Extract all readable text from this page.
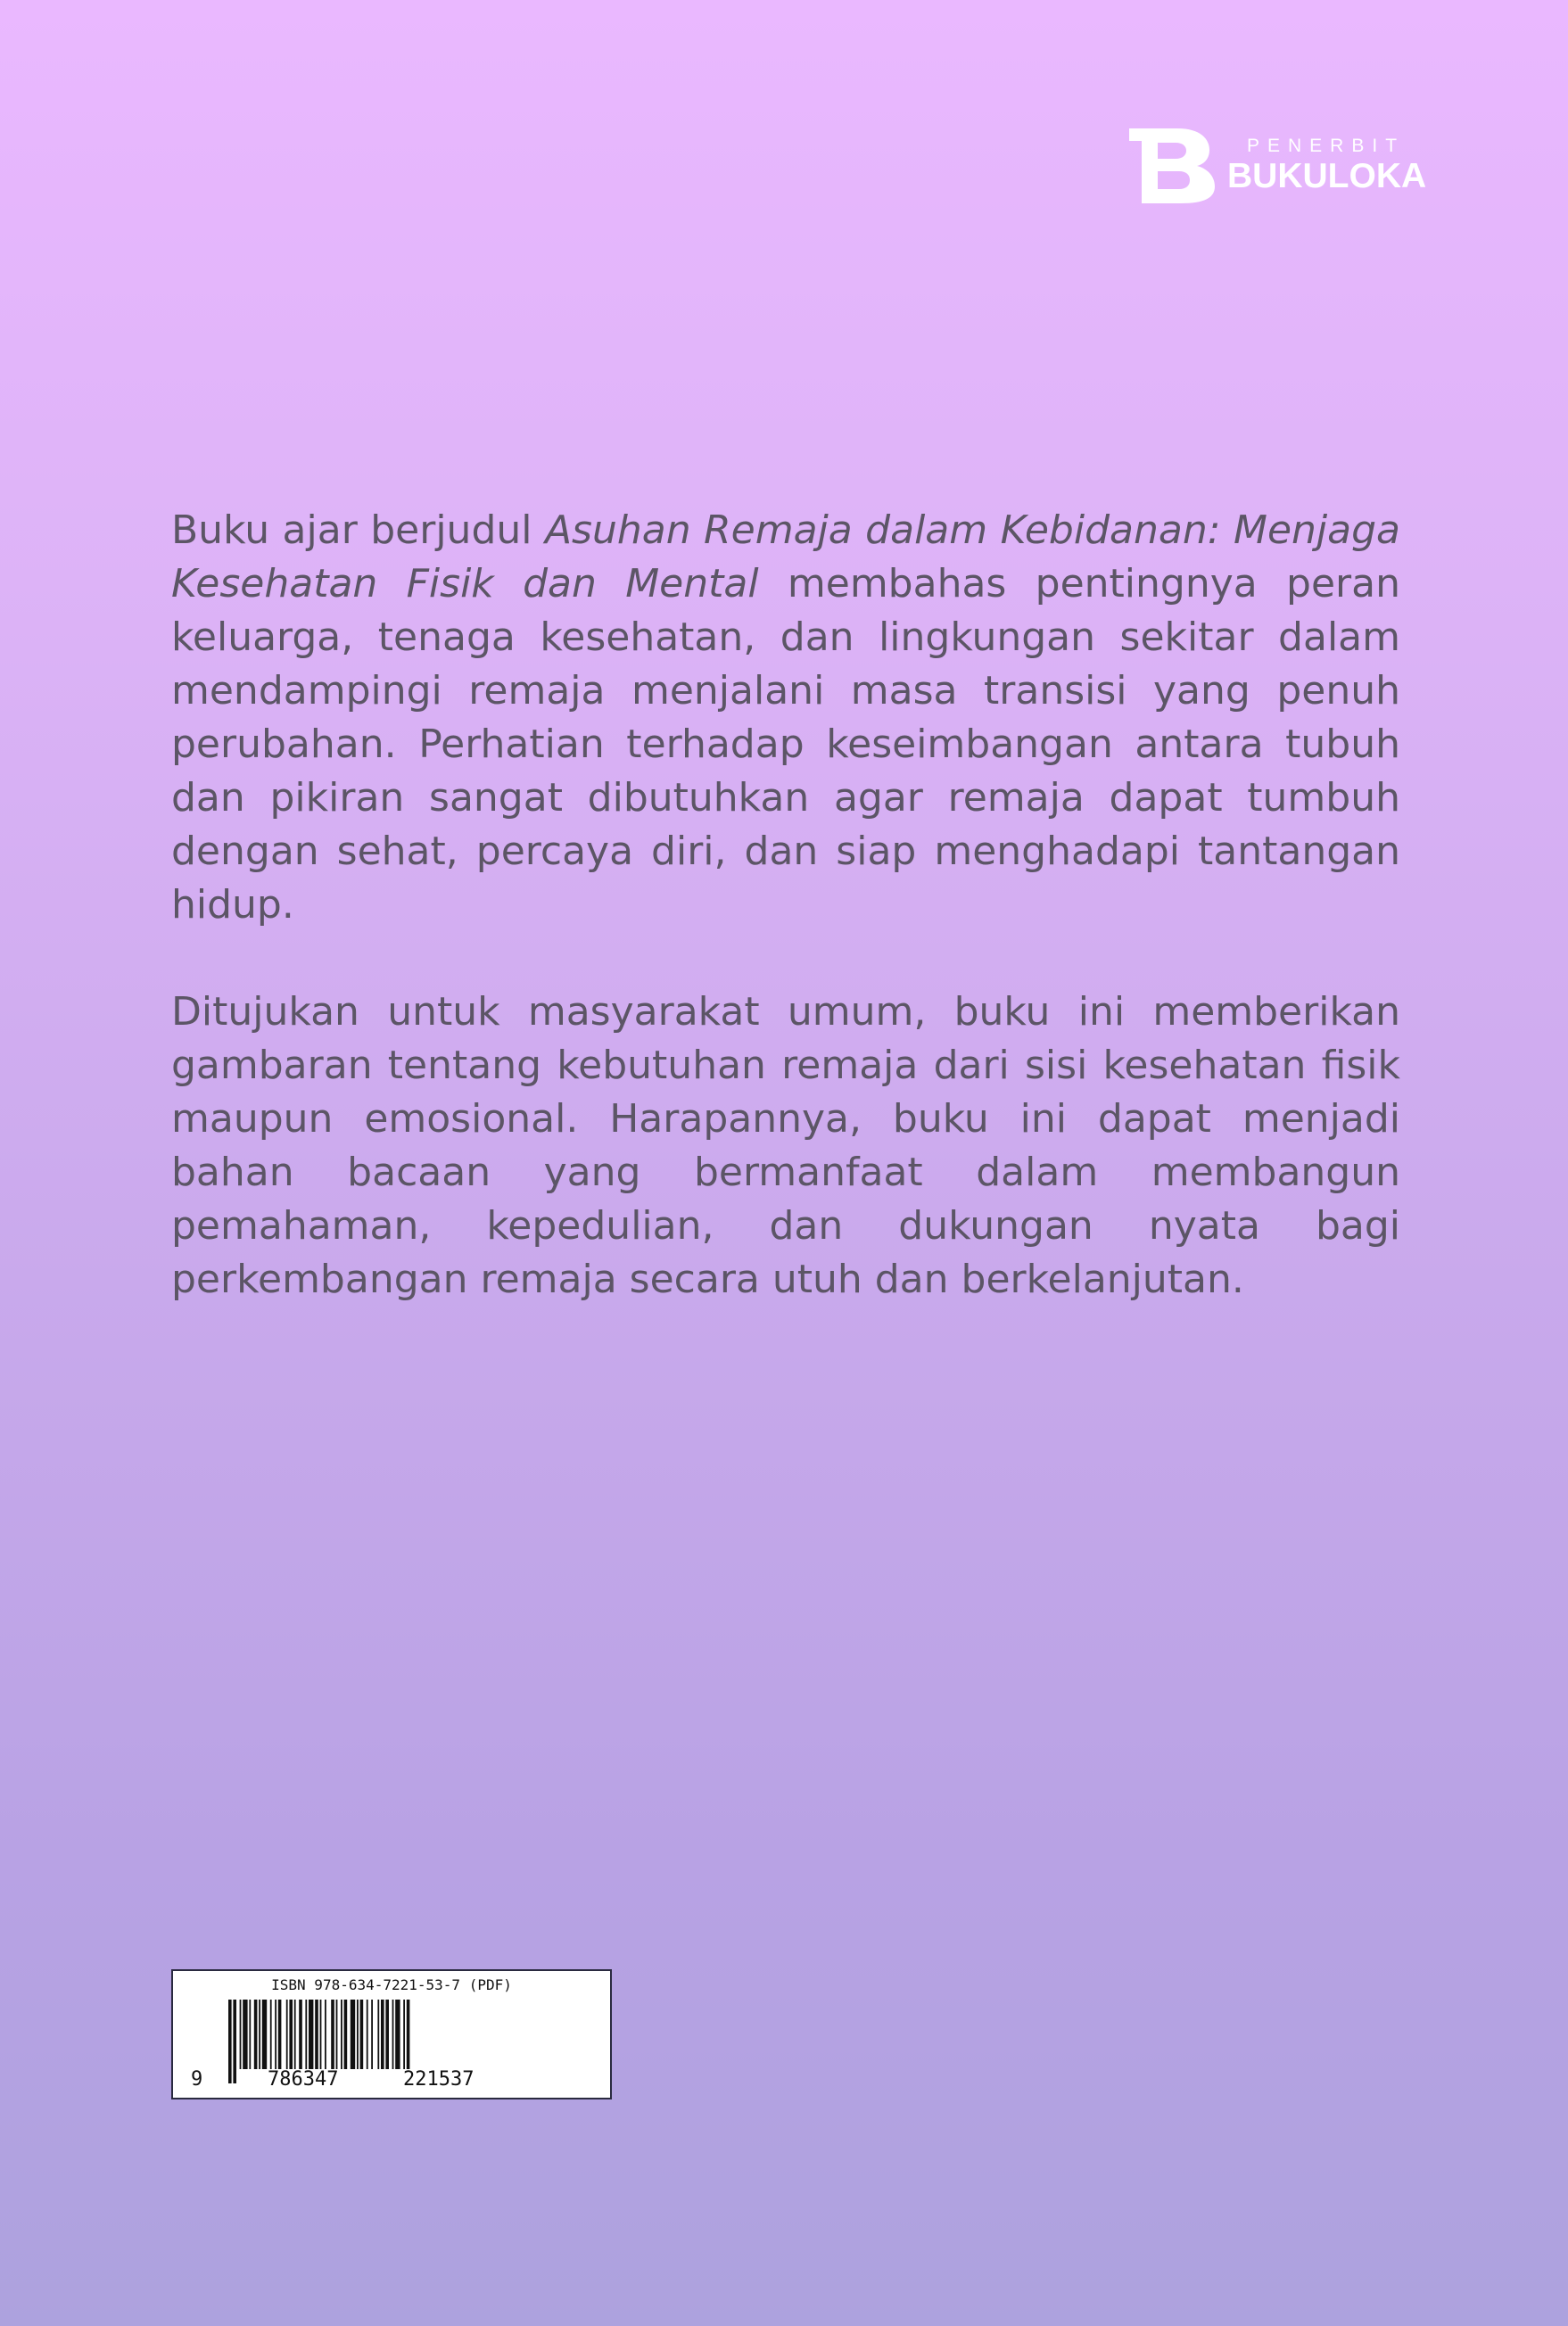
PENERBIT
BUKULOKA

Buku ajar berjudul Asuhan Remaja dalam Kebidanan: Menjaga Kesehatan Fisik dan Mental membahas pentingnya peran keluarga, tenaga kesehatan, dan lingkungan sekitar dalam mendampingi remaja menjalani masa transisi yang penuh perubahan. Perhatian terhadap keseimbangan antara tubuh dan pikiran sangat dibutuhkan agar remaja dapat tumbuh dengan sehat, percaya diri, dan siap menghadapi tantangan hidup.

Ditujukan untuk masyarakat umum, buku ini memberikan gambaran tentang kebutuhan remaja dari sisi kesehatan fisik maupun emosional. Harapannya, buku ini dapat menjadi bahan bacaan yang bermanfaat dalam membangun pemahaman, kepedulian, dan dukungan nyata bagi perkembangan remaja secara utuh dan berkelanjutan.

ISBN 978-634-7221-53-7 (PDF)
9	786347	221537
